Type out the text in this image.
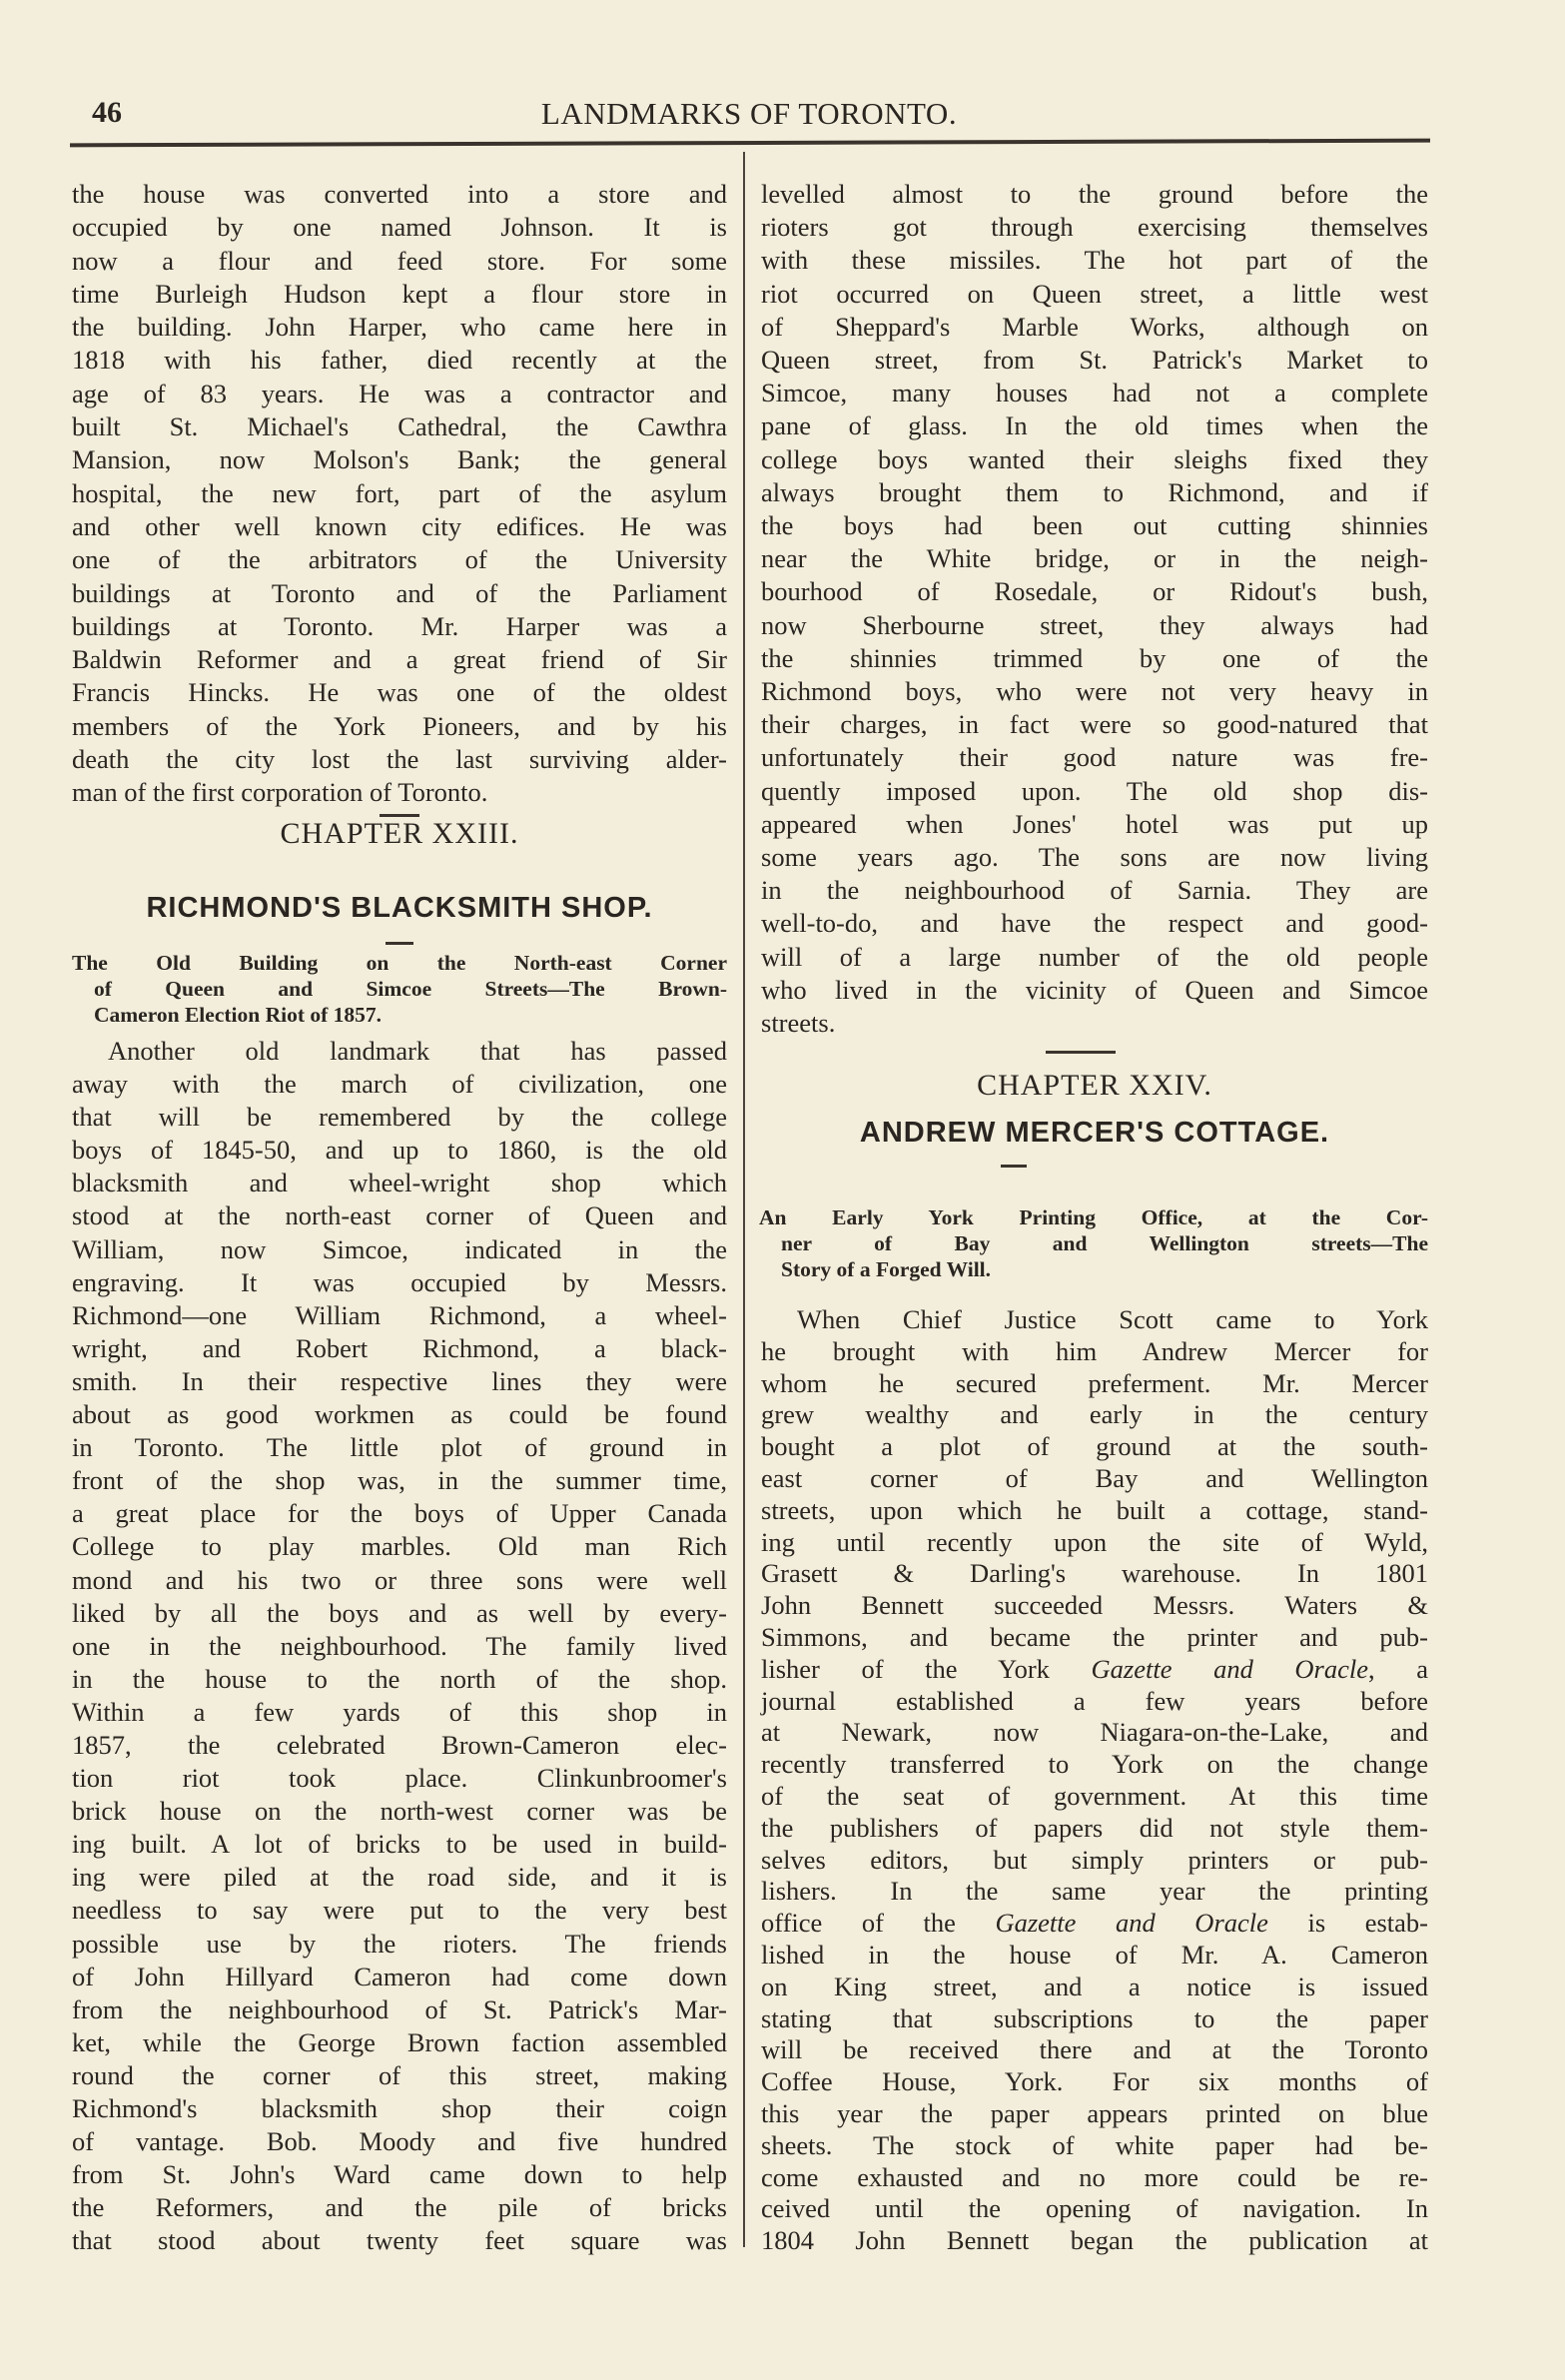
46	LANDMARKS OF TORONTO.
the house was converted into a store and
occupied by one named Johnson. It is
now a flour and feed store. For some
time Burleigh Hudson kept a flour store in
the building. John Harper, who came here in
1818 with his father, died recently at the
age of 83 years. He was a contractor and
built St. Michael's Cathedral, the Cawthra
Mansion, now Molson's Bank; the general
hospital, the new fort, part of the asylum
and other well known city edifices. He was
one of the arbitrators of the University
buildings at Toronto and of the Parliament
buildings at Toronto. Mr. Harper was a
Baldwin Reformer and a great friend of Sir
Francis Hincks. He was one of the oldest
members of the York Pioneers, and by his
death the city lost the last surviving alder-
man of the first corporation of Toronto.
CHAPTER XXIII.
RICHMOND'S BLACKSMITH SHOP.
The Old Building on the North-east Corner
of Queen and Simcoe Streets—The Brown-
Cameron Election Riot of 1857.
Another old landmark that has passed
away with the march of civilization, one
that will be remembered by the college
boys of 1845-50, and up to 1860, is the old
blacksmith and wheel-wright shop which
stood at the north-east corner of Queen and
William, now Simcoe, indicated in the
engraving. It was occupied by Messrs.
Richmond—one William Richmond, a wheel-
wright, and Robert Richmond, a black-
smith. In their respective lines they were
about as good workmen as could be found
in Toronto. The little plot of ground in
front of the shop was, in the summer time,
a great place for the boys of Upper Canada
College to play marbles. Old man Rich
mond and his two or three sons were well
liked by all the boys and as well by every-
one in the neighbourhood. The family lived
in the house to the north of the shop.
Within a few yards of this shop in
1857, the celebrated Brown-Cameron elec-
tion riot took place. Clinkunbroomer's
brick house on the north-west corner was be
ing built. A lot of bricks to be used in build-
ing were piled at the road side, and it is
needless to say were put to the very best
possible use by the rioters. The friends
of John Hillyard Cameron had come down
from the neighbourhood of St. Patrick's Mar-
ket, while the George Brown faction assembled
round the corner of this street, making
Richmond's blacksmith shop their coign
of vantage. Bob. Moody and five hundred
from St. John's Ward came down to help
the Reformers, and the pile of bricks
that stood about twenty feet square was
levelled almost to the ground before the
rioters got through exercising themselves
with these missiles. The hot part of the
riot occurred on Queen street, a little west
of Sheppard's Marble Works, although on
Queen street, from St. Patrick's Market to
Simcoe, many houses had not a complete
pane of glass. In the old times when the
college boys wanted their sleighs fixed they
always brought them to Richmond, and if
the boys had been out cutting shinnies
near the White bridge, or in the neigh-
bourhood of Rosedale, or Ridout's bush,
now Sherbourne street, they always had
the shinnies trimmed by one of the
Richmond boys, who were not very heavy in
their charges, in fact were so good-natured that
unfortunately their good nature was fre-
quently imposed upon. The old shop dis-
appeared when Jones' hotel was put up
some years ago. The sons are now living
in the neighbourhood of Sarnia. They are
well-to-do, and have the respect and good-
will of a large number of the old people
who lived in the vicinity of Queen and Simcoe
streets.
CHAPTER XXIV.
ANDREW MERCER'S COTTAGE.
An Early York Printing Office, at the Cor-
ner of Bay and Wellington streets—The
Story of a Forged Will.
When Chief Justice Scott came to York
he brought with him Andrew Mercer for
whom he secured preferment. Mr. Mercer
grew wealthy and early in the century
bought a plot of ground at the south-
east corner of Bay and Wellington
streets, upon which he built a cottage, stand-
ing until recently upon the site of Wyld,
Grasett & Darling's warehouse. In 1801
John Bennett succeeded Messrs. Waters &
Simmons, and became the printer and pub-
lisher of the York Gazette and Oracle, a
journal established a few years before
at Newark, now Niagara-on-the-Lake, and
recently transferred to York on the change
of the seat of government. At this time
the publishers of papers did not style them-
selves editors, but simply printers or pub-
lishers. In the same year the printing
office of the Gazette and Oracle is estab-
lished in the house of Mr. A. Cameron
on King street, and a notice is issued
stating that subscriptions to the paper
will be received there and at the Toronto
Coffee House, York. For six months of
this year the paper appears printed on blue
sheets. The stock of white paper had be-
come exhausted and no more could be re-
ceived until the opening of navigation. In
1804 John Bennett began the publication at
